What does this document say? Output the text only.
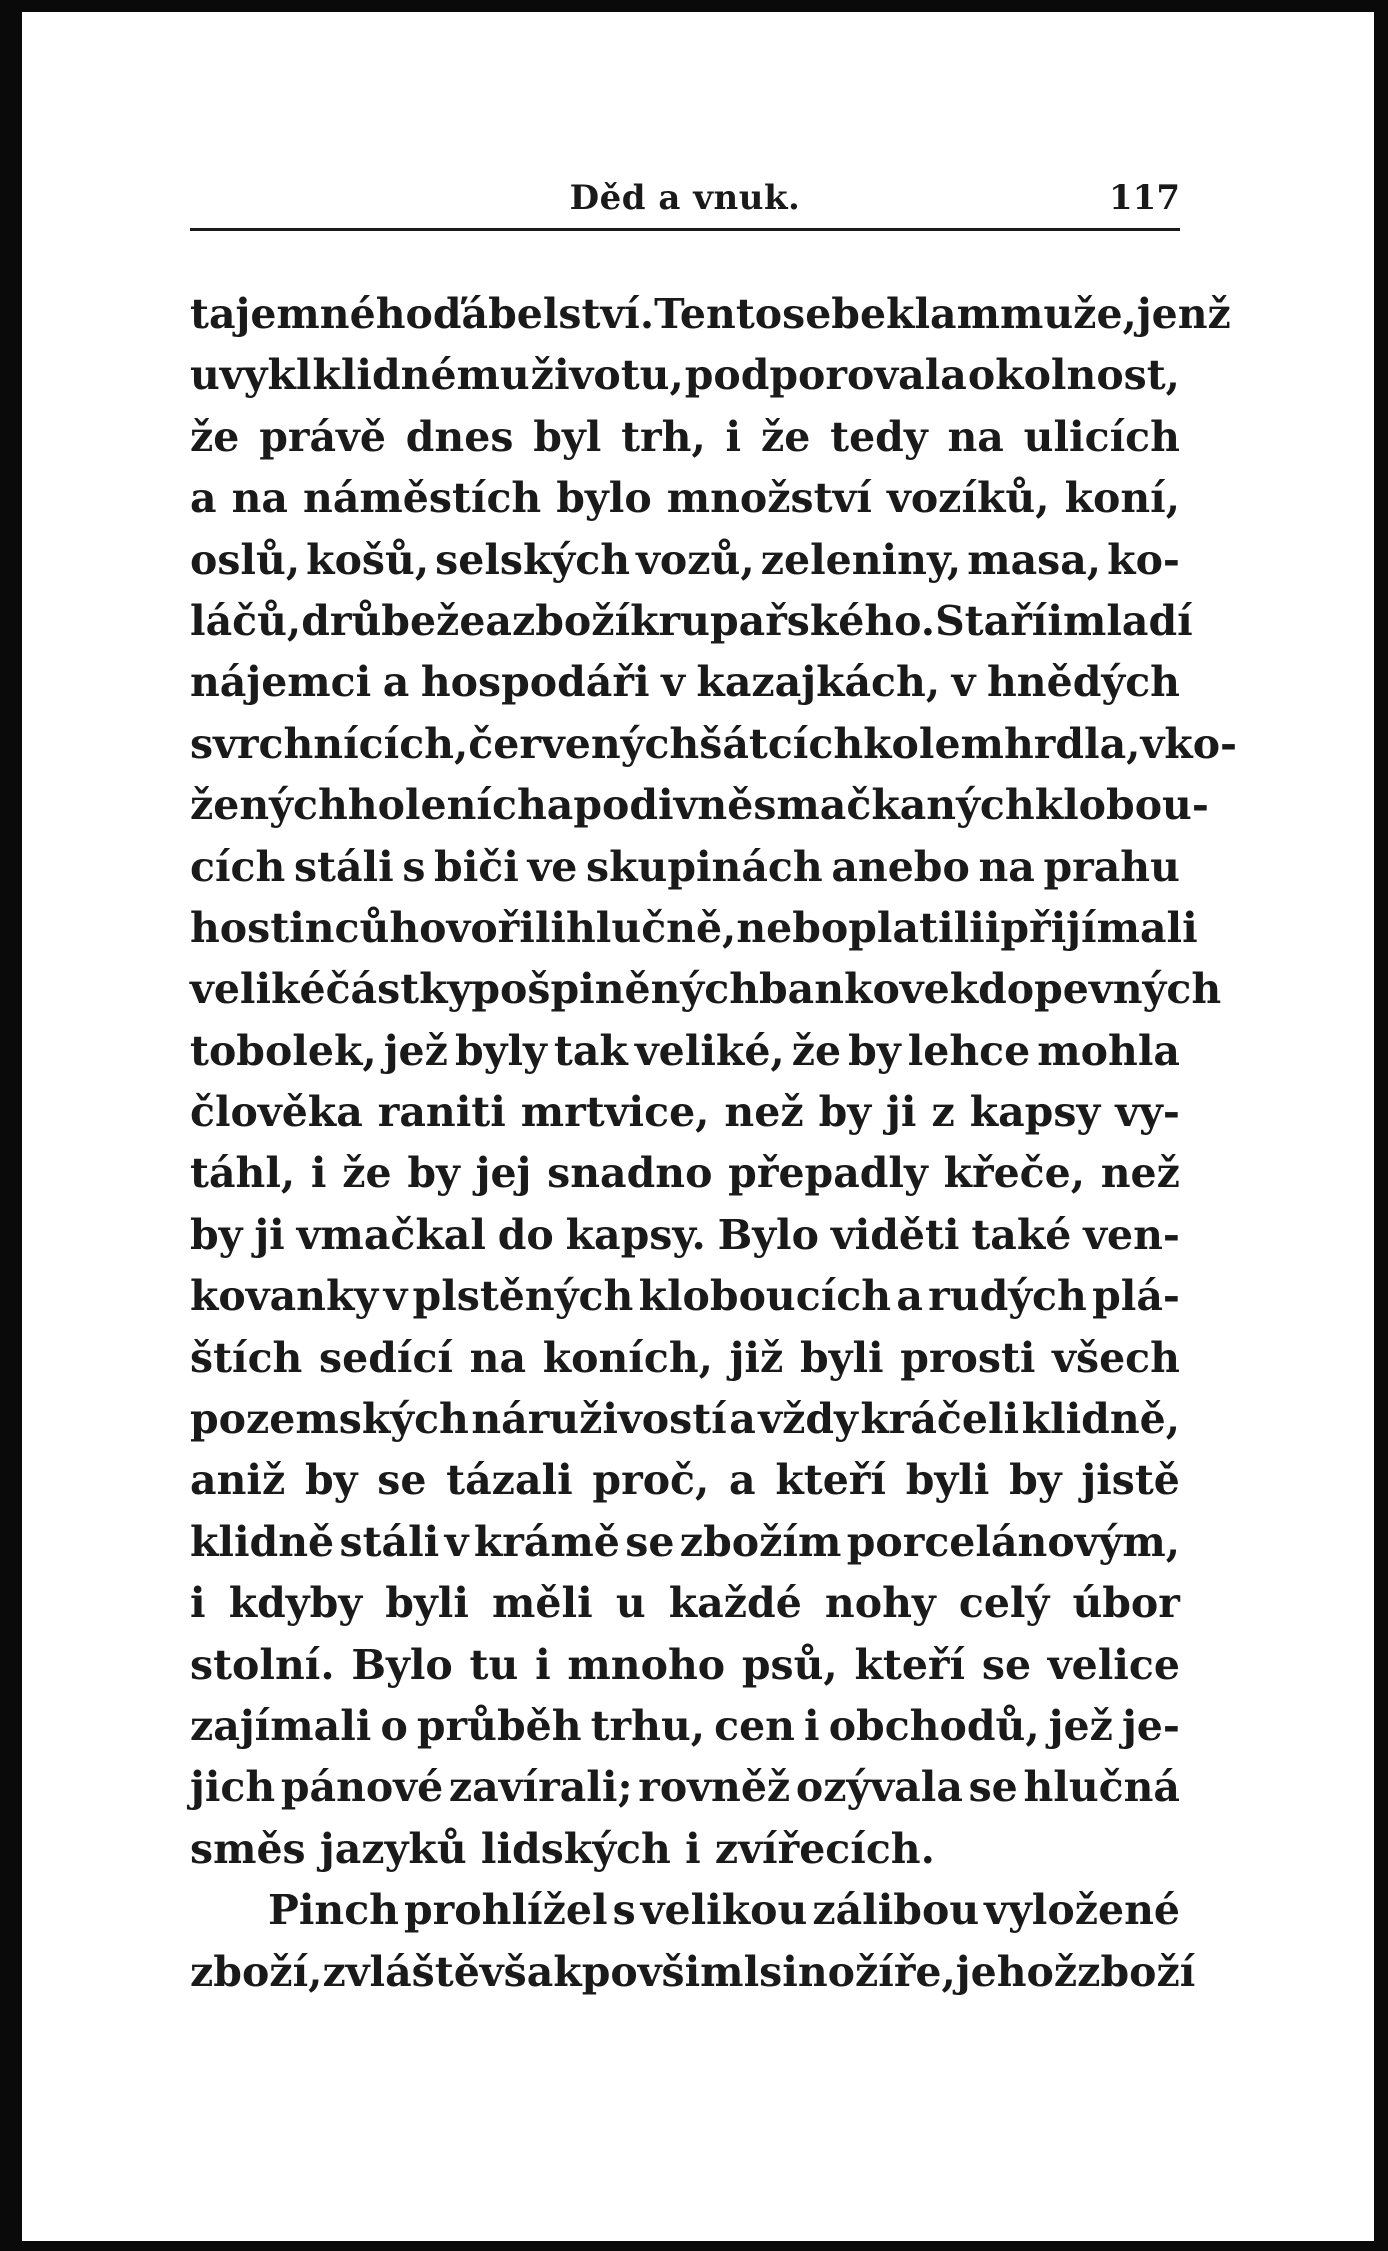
Děd a vnuk.	117
tajemného ďábelství. Tento sebeklam muže, jenž
uvykl klidnému životu, podporovala okolnost,
že právě dnes byl trh, i že tedy na ulicích
a na náměstích bylo množství vozíků, koní,
oslů, košů, selských vozů, zeleniny, masa, ko-
láčů, drůbeže a zboží krupařského. Staří i mladí
nájemci a hospodáři v kazajkách, v hnědých
svrchnících, červených šátcích kolem hrdla, v ko-
žených holeních a podivně smačkaných klobou-
cích stáli s biči ve skupinách anebo na prahu
hostinců hovořili hlučně, nebo platili i přijímali
veliké částky pošpiněných bankovek do pevných
tobolek, jež byly tak veliké, že by lehce mohla
člověka raniti mrtvice, než by ji z kapsy vy-
táhl, i že by jej snadno přepadly křeče, než
by ji vmačkal do kapsy. Bylo viděti také ven-
kovanky v plstěných kloboucích a rudých plá-
štích sedící na koních, již byli prosti všech
pozemských náruživostí a vždy kráčeli klidně,
aniž by se tázali proč, a kteří byli by jistě
klidně stáli v krámě se zbožím porcelánovým,
i kdyby byli měli u každé nohy celý úbor
stolní. Bylo tu i mnoho psů, kteří se velice
zajímali o průběh trhu, cen i obchodů, jež je-
jich pánové zavírali; rovněž ozývala se hlučná
směs jazyků lidských i zvířecích.
Pinch prohlížel s velikou zálibou vyložené
zboží, zvláště však povšiml si nožíře, jehož zboží
